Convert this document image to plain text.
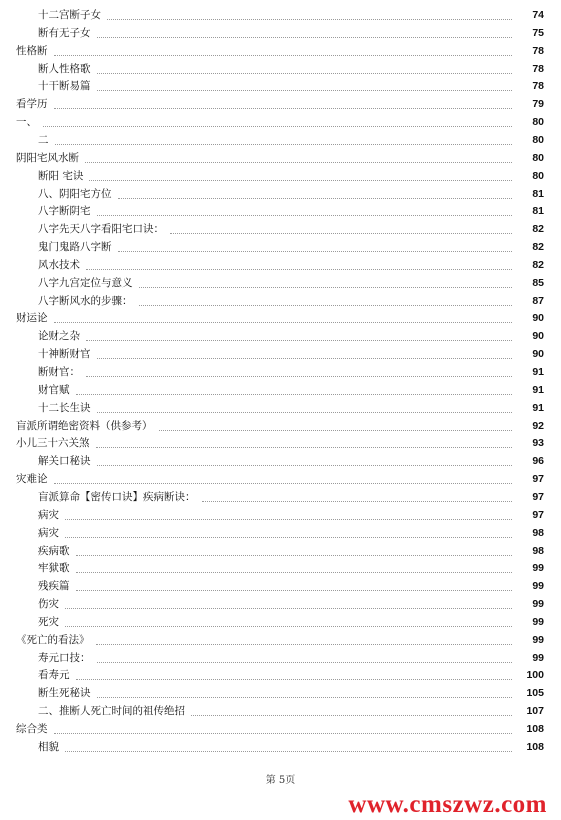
十二宫断子女	74
断有无子女	75
性格断	78
断人性格歌	78
十干断易篇	78
看学历	79
一、	80
二	80
阴阳宅风水断	80
断阳 宅诀	80
八、阴阳宅方位	81
八字断阴宅	81
八字先天八字看阳宅口诀：	82
鬼门鬼路八字断	82
风水技术	82
八字九宫定位与意义	85
八字断风水的步骤：	87
财运论	90
论财之杂	90
十神断财官	90
断财官：	91
财官赋	91
十二长生诀	91
盲派所谓绝密资料（供参考）	92
小儿三十六关煞	93
解关口秘诀	96
灾难论	97
盲派算命【密传口诀】疾病断诀：	97
病灾	97
病灾	98
疾病歌	98
牢狱歌	99
残疾篇	99
伤灾	99
死灾	99
《死亡的看法》	99
寿元口技：	99
看寿元	100
断生死秘诀	105
二、推断人死亡时间的祖传绝招	107
综合类	108
相貌	108
第 5页
www.cmszwz.com
